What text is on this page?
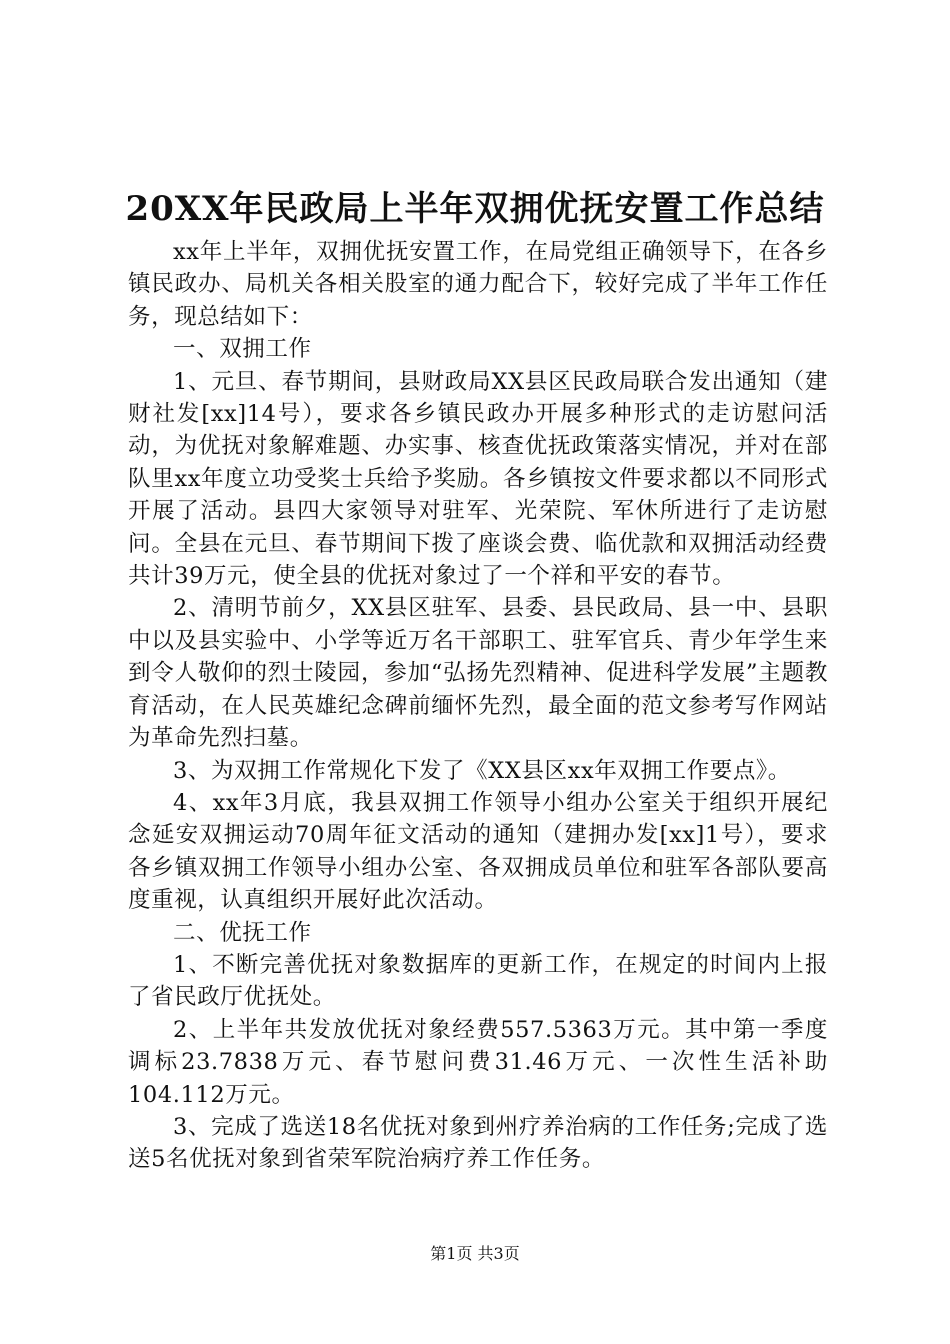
20XX年民政局上半年双拥优抚安置工作总结

xx年上半年，双拥优抚安置工作，在局党组正确领导下，在各乡镇民政办、局机关各相关股室的通力配合下，较好完成了半年工作任务，现总结如下：

一、双拥工作

1、元旦、春节期间，县财政局XX县区民政局联合发出通知（建财社发[xx]14号），要求各乡镇民政办开展多种形式的走访慰问活动，为优抚对象解难题、办实事、核查优抚政策落实情况，并对在部队里xx年度立功受奖士兵给予奖励。各乡镇按文件要求都以不同形式开展了活动。县四大家领导对驻军、光荣院、军休所进行了走访慰问。全县在元旦、春节期间下拨了座谈会费、临优款和双拥活动经费共计39万元，使全县的优抚对象过了一个祥和平安的春节。

2、清明节前夕，XX县区驻军、县委、县民政局、县一中、县职中以及县实验中、小学等近万名干部职工、驻军官兵、青少年学生来到令人敬仰的烈士陵园，参加“弘扬先烈精神、促进科学发展”主题教育活动，在人民英雄纪念碑前缅怀先烈，最全面的范文参考写作网站为革命先烈扫墓。

3、为双拥工作常规化下发了《XX县区xx年双拥工作要点》。

4、xx年3月底，我县双拥工作领导小组办公室关于组织开展纪念延安双拥运动70周年征文活动的通知（建拥办发[xx]1号），要求各乡镇双拥工作领导小组办公室、各双拥成员单位和驻军各部队要高度重视，认真组织开展好此次活动。

二、优抚工作

1、不断完善优抚对象数据库的更新工作，在规定的时间内上报了省民政厅优抚处。

2、上半年共发放优抚对象经费557.5363万元。其中第一季度调标23.7838万元、春节慰问费31.46万元、一次性生活补助104.112万元。

3、完成了选送18名优抚对象到州疗养治病的工作任务;完成了选送5名优抚对象到省荣军院治病疗养工作任务。

第1页 共3页
